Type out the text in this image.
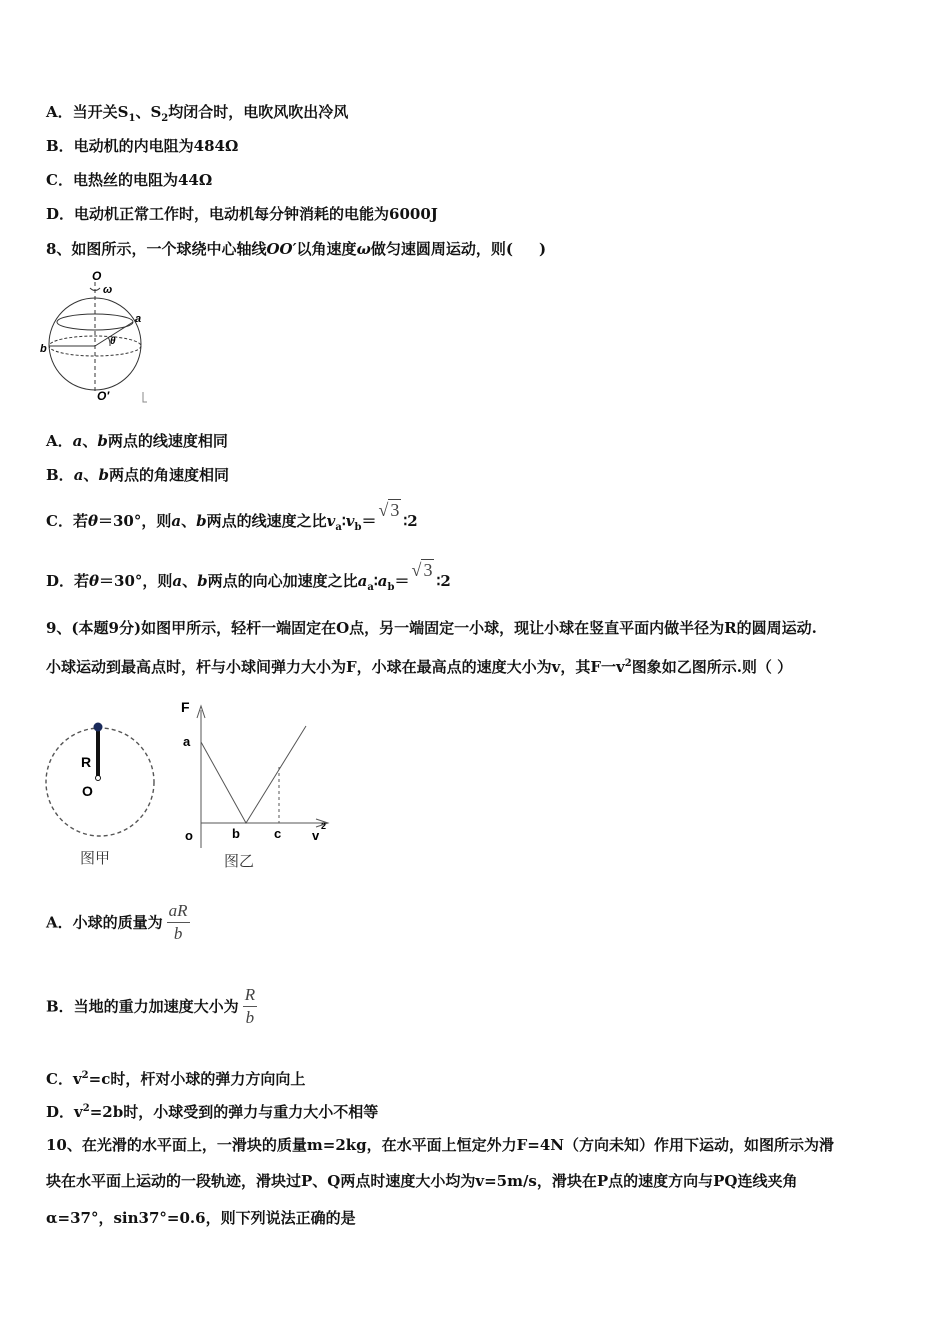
A．当开关$S_1$、$S_2$均闭合时，电吹风吹出冷风
B．电动机的内电阻为484Ω
C．电热丝的电阻为44Ω
D．电动机正常工作时，电动机每分钟消耗的电能为6000J
8、如图所示，一个球绕中心轴线OO′以角速度ω做匀速圆周运动，则( )
O
ω
a
θ
b
O′
A．a、b两点的线速度相同
B．a、b两点的角速度相同
C．若θ＝30°，则a、b两点的线速度之比$v_a∶v_b=√$ 3∶2
D．若θ＝30°，则a、b两点的向心加速度之比$a_a∶a_b=√$ 3∶2
9、(本题9分)如图甲所示，轻杆一端固定在O点，另一端固定一小球，现让小球在竖直平面内做半径为R的圆周运动.
小球运动到最高点时，杆与小球间弹力大小为F，小球在最高点的速度大小为v，其F一$v^2$图象如乙图所示.则（ ）
R
O
图甲
F
a
o	b	c v
2
图乙
A．小球的质量为 $\frac{aR}{b}$
B．当地的重力加速度大小为 $\frac{R}{b}$
C．$v^2=c$时，杆对小球的弹力方向向上
D．$v^2=2b$时，小球受到的弹力与重力大小不相等
10、在光滑的水平面上，一滑块的质量m=2kg，在水平面上恒定外力F=4N（方向未知）作用下运动，如图所示为滑
块在水平面上运动的一段轨迹，滑块过P、Q两点时速度大小均为v=5m/s，滑块在P点的速度方向与PQ连线夹角
α=37°，sin37°=0.6，则下列说法正确的是
